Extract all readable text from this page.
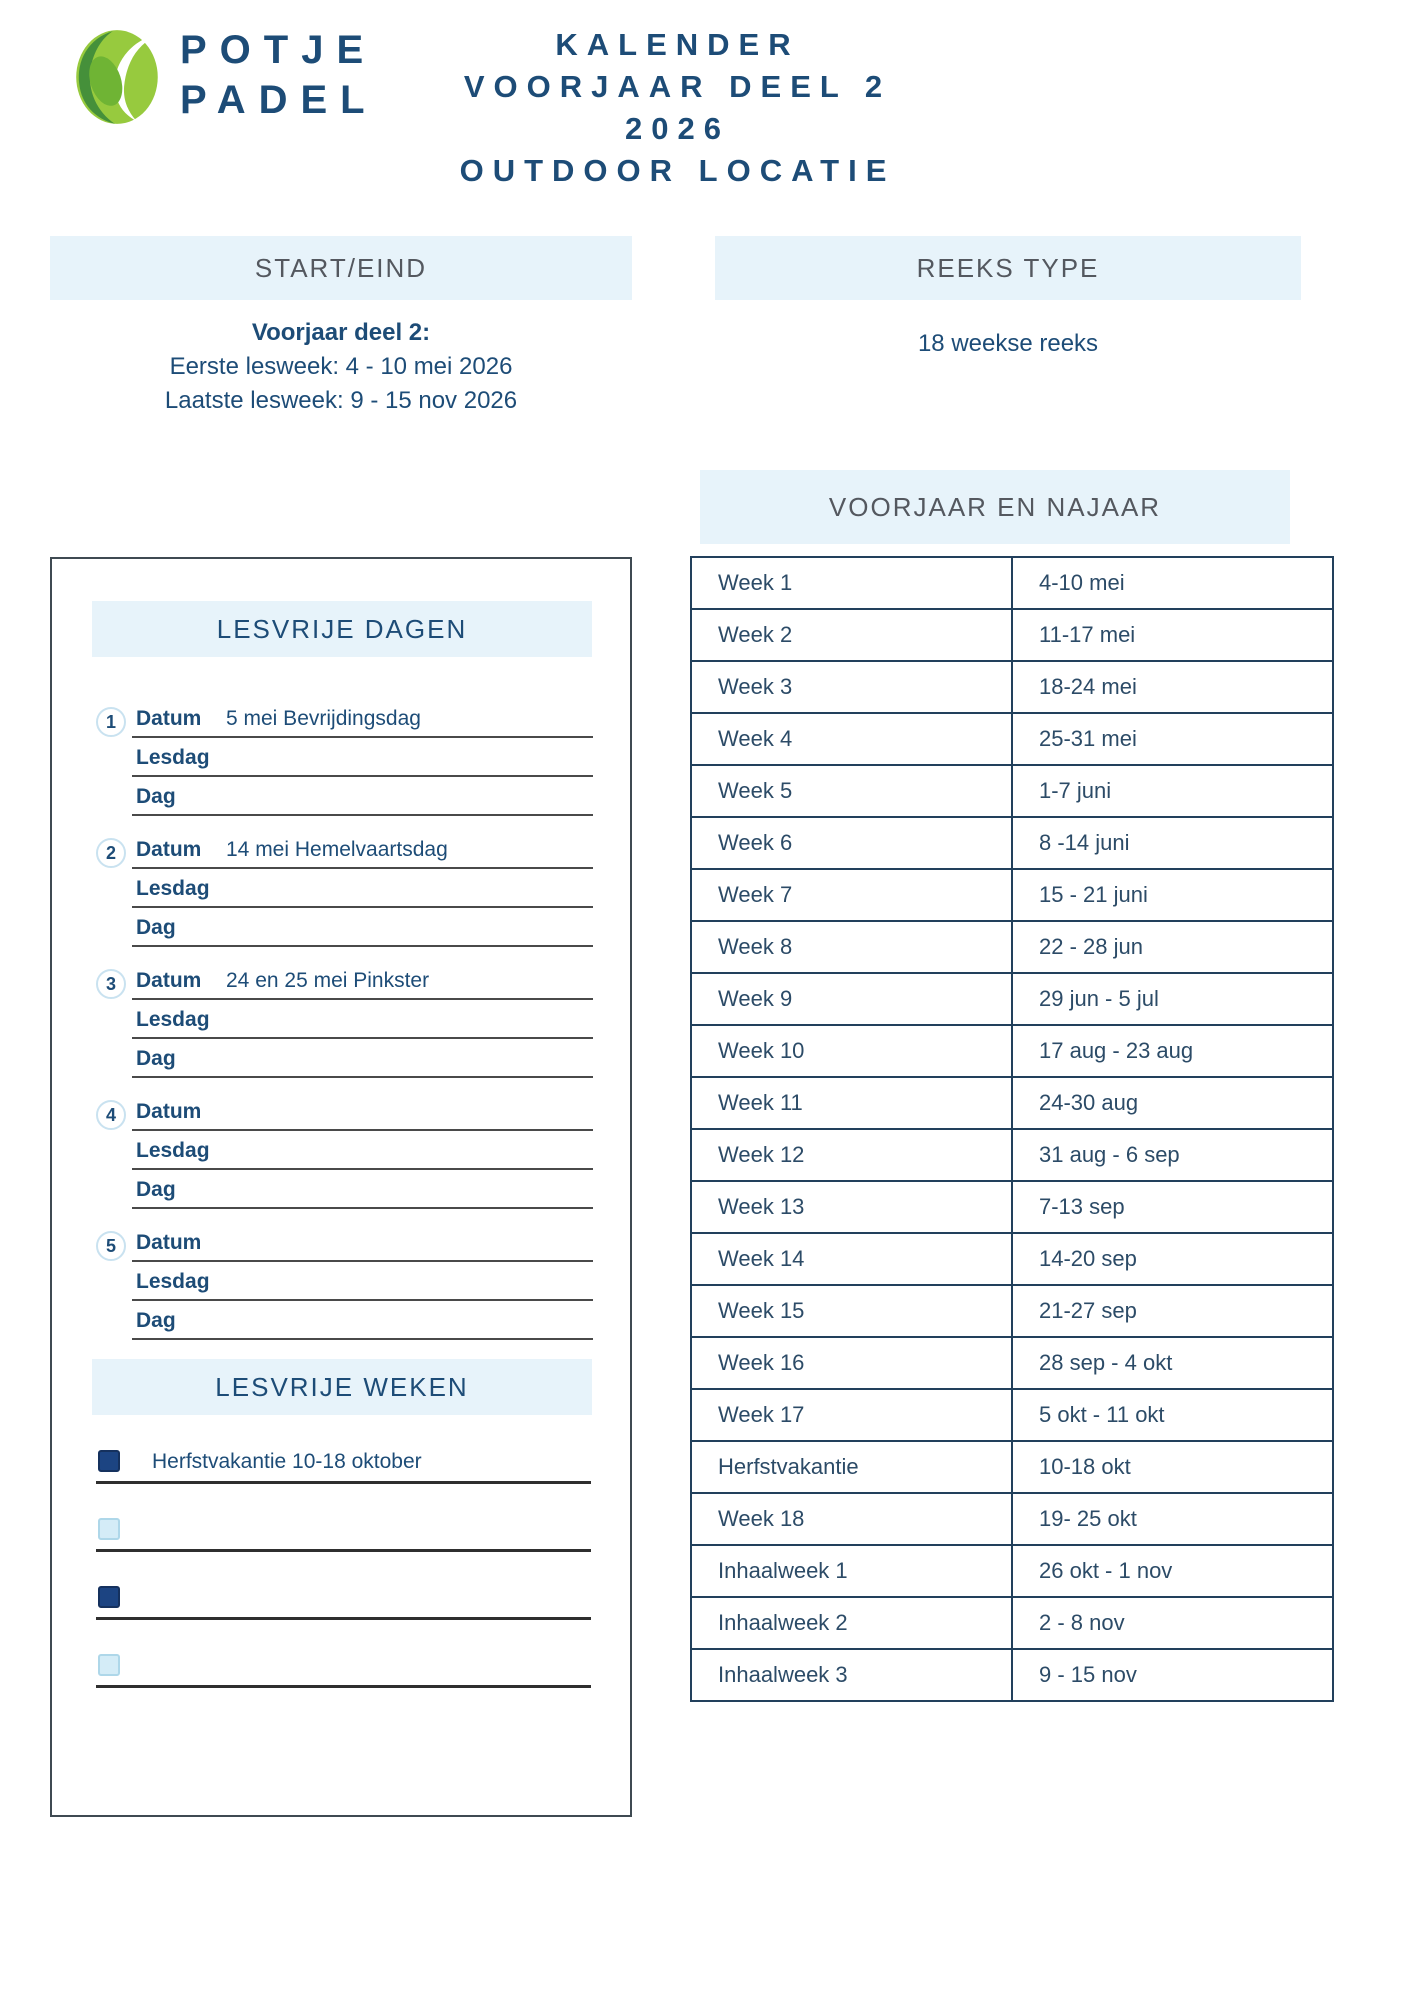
POTJE
PADEL
KALENDER
VOORJAAR DEEL 2
2026
OUTDOOR LOCATIE
START/EIND
Voorjaar deel 2:
Eerste lesweek: 4 - 10 mei 2026
Laatste lesweek: 9 - 15 nov 2026
REEKS TYPE
18 weekse reeks
VOORJAAR EN NAJAAR
Week 1	4-10 mei
Week 2	11-17 mei
Week 3	18-24 mei
Week 4	25-31 mei
Week 5	1-7 juni
Week 6	8 -14 juni
Week 7	15 - 21 juni
Week 8	22 - 28 jun
Week 9	29 jun - 5 jul
Week 10	17 aug - 23 aug
Week 11	24-30 aug
Week 12	31 aug - 6 sep
Week 13	7-13 sep
Week 14	14-20 sep
Week 15	21-27 sep
Week 16	28 sep - 4 okt
Week 17	5 okt - 11 okt
Herfstvakantie	10-18 okt
Week 18	19- 25 okt
Inhaalweek 1	26 okt - 1 nov
Inhaalweek 2	2 - 8 nov
Inhaalweek 3	9 - 15 nov
LESVRIJE DAGEN
1 Datum	5 mei Bevrijdingsdag
Lesdag
Dag
2 Datum	14 mei Hemelvaartsdag
Lesdag
Dag
3 Datum	24 en 25 mei Pinkster
Lesdag
Dag
4 Datum
Lesdag
Dag
5 Datum
Lesdag
Dag
LESVRIJE WEKEN
Herfstvakantie 10-18 oktober
